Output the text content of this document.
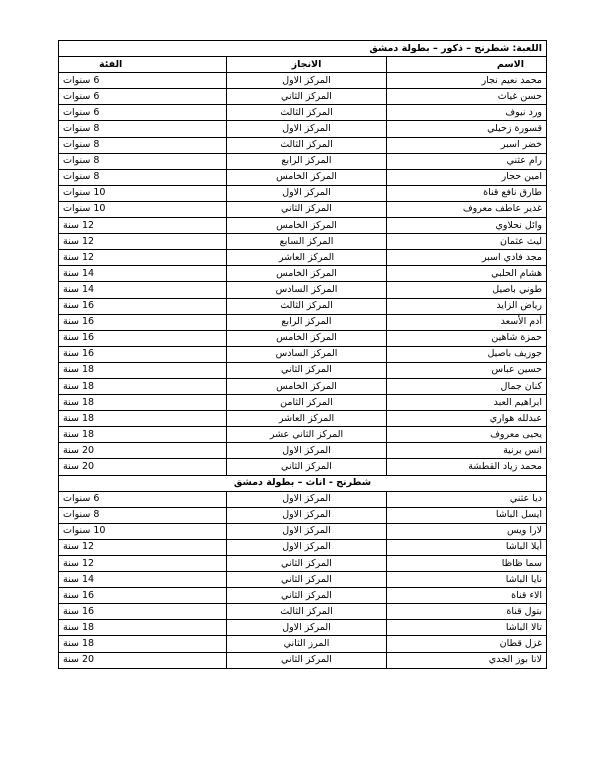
اللعبة: شطرنج – ذكور – بطولة دمشق		
الاسم	الانجاز	الفئة
محمد نعيم نجار	المركز الاول	6 سنوات
حسن غياث	المركز الثاني	6 سنوات
ورد نيوف	المركز الثالث	6 سنوات
قسورة زحيلي	المركز الاول	8 سنوات
خضر اسبر	المركز الثالث	8 سنوات
رام عثني	المركز الرابع	8 سنوات
امين حجار	المركز الخامس	8 سنوات
طارق نافع قناة	المركز الاول	10 سنوات
غدير عاطف معروف	المركز الثاني	10 سنوات
وائل نحلاوي	المركز الخامس	12 سنة
ليث عثمان	المركز السابع	12 سنة
مجد فادي اسبر	المركز العاشر	12 سنة
هشام الحلبي	المركز الخامس	14 سنة
طوني باصيل	المركز السادس	14 سنة
رياض الزايد	المركز الثالث	16 سنة
أدم الأسعد	المركز الرابع	16 سنة
حمزة شاهين	المركز الخامس	16 سنة
جوزيف باصيل	المركز السادس	16 سنة
حسين عباس	المركز الثاني	18 سنة
كنان جمال	المركز الخامس	18 سنة
ابراهيم العبد	المركز الثامن	18 سنة
عبدلله هواري	المركز العاشر	18 سنة
يحيى معروف	المركز الثاني عشر	18 سنة
انس برنية	المركز الاول	20 سنة
محمد زياد القطشة	المركز الثاني	20 سنة
شطرنج - اناث – بطولة دمشق		
ديا عثني	المركز الاول	6 سنوات
ايسل الباشا	المركز الاول	8 سنوات
لارا ويس	المركز الاول	10 سنوات
أيلا الباشا	المركز الاول	12 سنة
سما ظاظا	المركز الثاني	12 سنة
نايا الباشا	المركز الثاني	14 سنة
الاء قناة	المركز الثاني	16 سنة
بتول قناة	المركز الثالث	16 سنة
تالا الباشا	المركز الاول	18 سنة
غزل قطان	المرز الثاني	18 سنة
لانا بوز الجدي	المركز الثاني	20 سنة
